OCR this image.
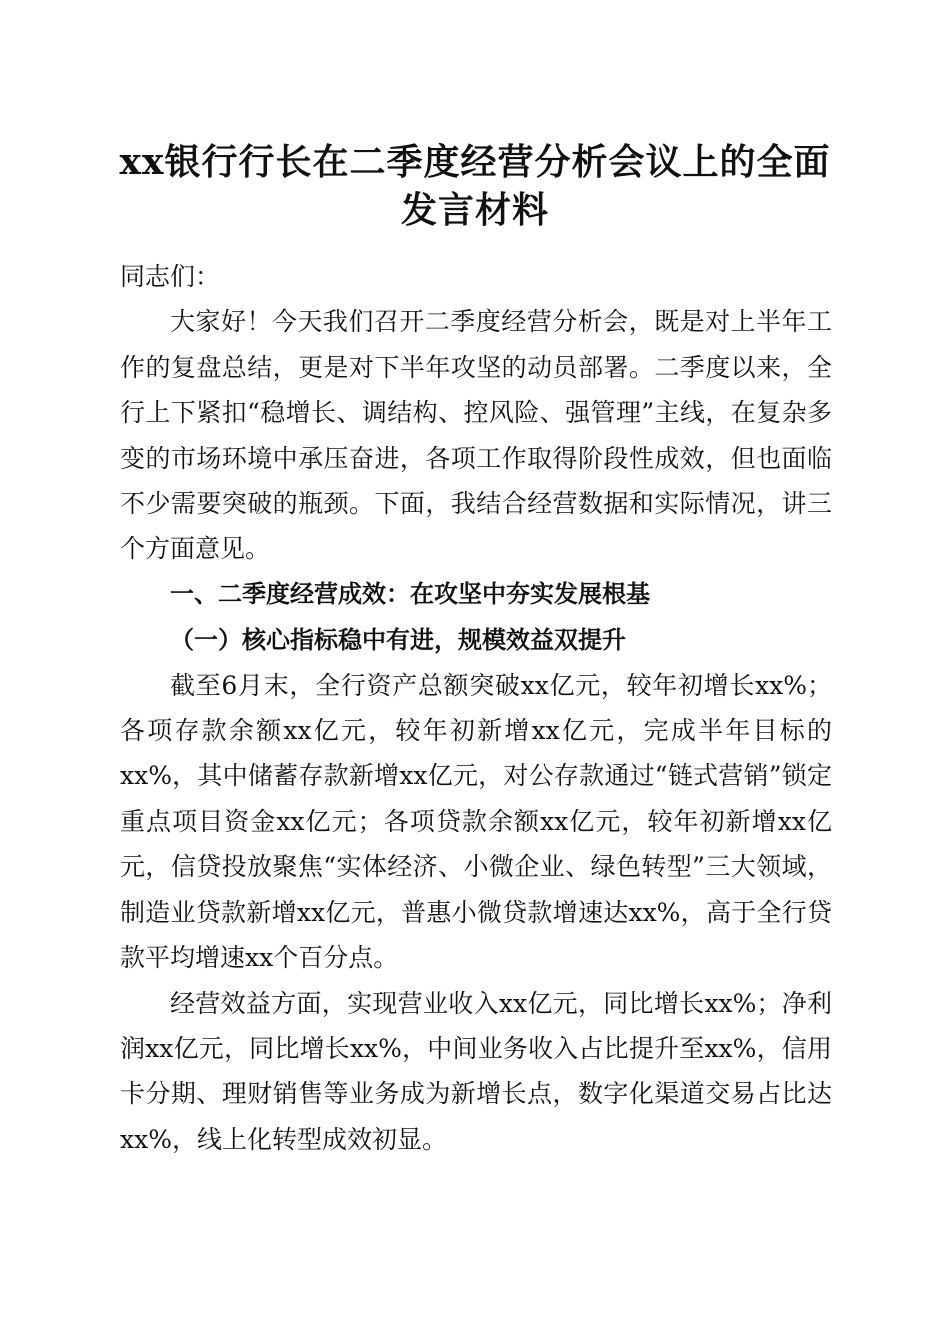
xx银行行长在二季度经营分析会议上的全面
发言材料

同志们：

大家好！今天我们召开二季度经营分析会，既是对上半年工作的复盘总结，更是对下半年攻坚的动员部署。二季度以来，全行上下紧扣“稳增长、调结构、控风险、强管理”主线，在复杂多变的市场环境中承压奋进，各项工作取得阶段性成效，但也面临不少需要突破的瓶颈。下面，我结合经营数据和实际情况，讲三个方面意见。

一、二季度经营成效：在攻坚中夯实发展根基

（一）核心指标稳中有进，规模效益双提升

截至6月末，全行资产总额突破xx亿元，较年初增长xx%；各项存款余额xx亿元，较年初新增xx亿元，完成半年目标的xx%，其中储蓄存款新增xx亿元，对公存款通过“链式营销”锁定重点项目资金xx亿元；各项贷款余额xx亿元，较年初新增xx亿元，信贷投放聚焦“实体经济、小微企业、绿色转型”三大领域，制造业贷款新增xx亿元，普惠小微贷款增速达xx%，高于全行贷款平均增速xx个百分点。

经营效益方面，实现营业收入xx亿元，同比增长xx%；净利润xx亿元，同比增长xx%，中间业务收入占比提升至xx%，信用卡分期、理财销售等业务成为新增长点，数字化渠道交易占比达xx%，线上化转型成效初显。
